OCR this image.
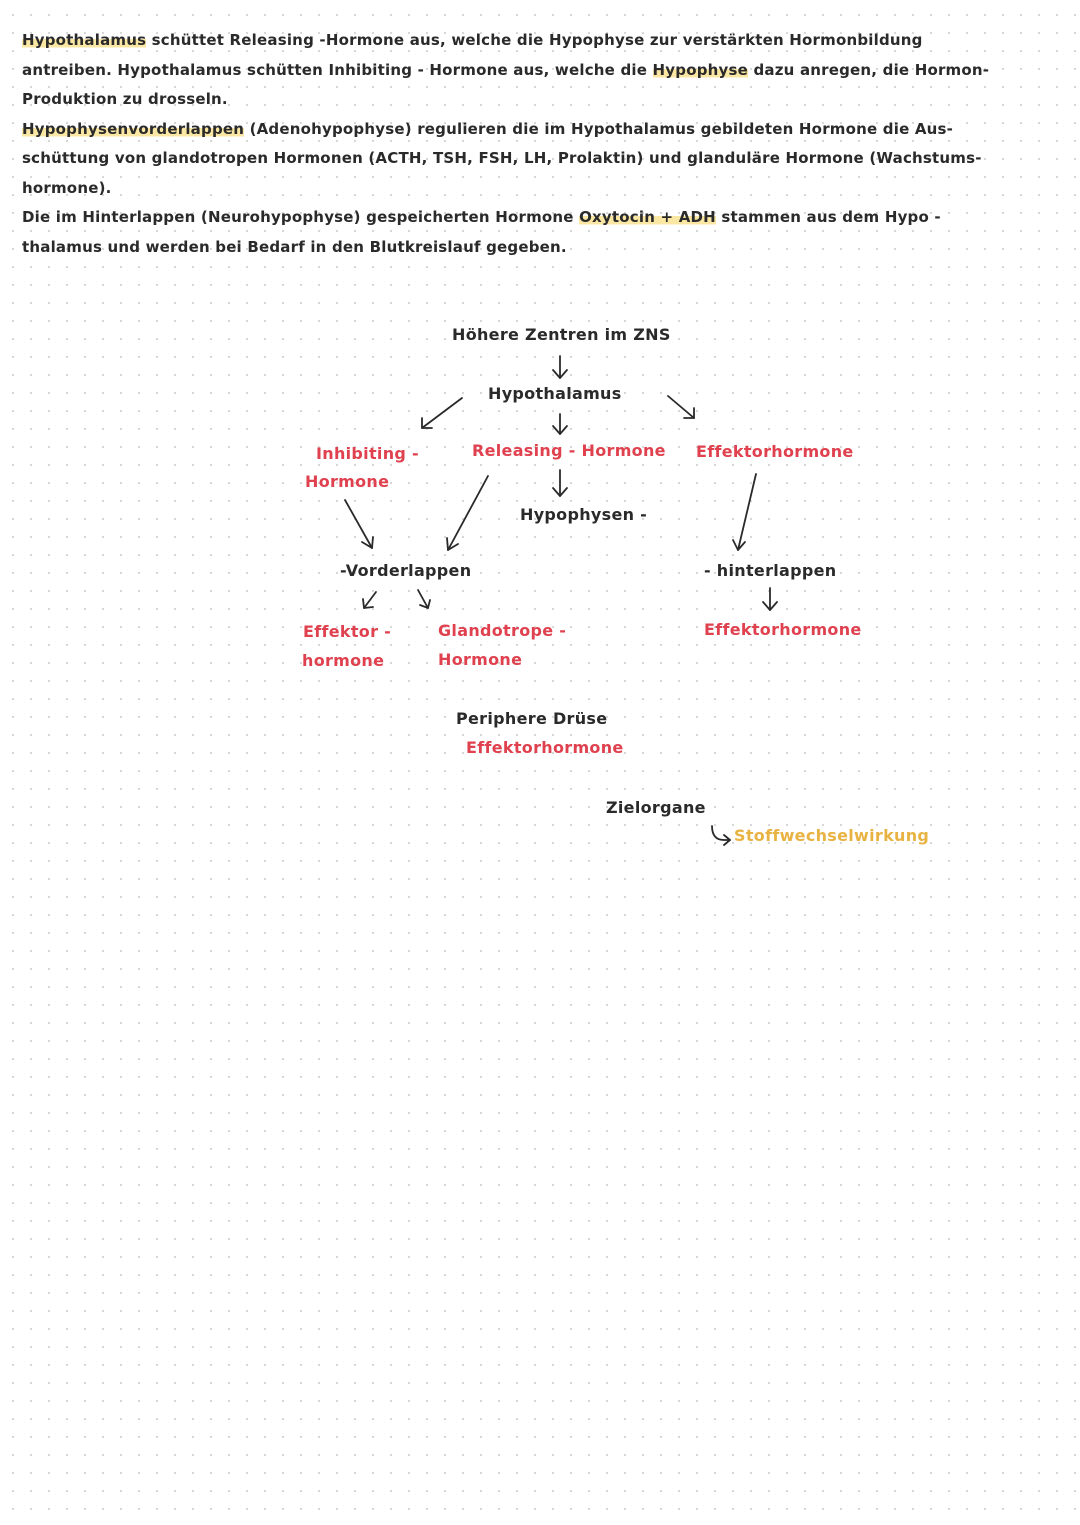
Hypothalamus schüttet Releasing -Hormone aus, welche die Hypophyse zur verstärkten Hormonbildung
antreiben. Hypothalamus schütten Inhibiting - Hormone aus, welche die Hypophyse dazu anregen, die Hormon-
Produktion zu drosseln.
Hypophysenvorderlappen (Adenohypophyse) regulieren die im Hypothalamus gebildeten Hormone die Aus-
schüttung von glandotropen Hormonen (ACTH, TSH, FSH, LH, Prolaktin) und glanduläre Hormone (Wachstums-
hormone).
Die im Hinterlappen (Neurohypophyse) gespeicherten Hormone Oxytocin + ADH stammen aus dem Hypo -
thalamus und werden bei Bedarf in den Blutkreislauf gegeben.
Höhere Zentren im ZNS
Hypothalamus
Inhibiting -
Hormone
Releasing - Hormone Effektorhormone
Hypophysen -
-Vorderlappen	- hinterlappen
Effektor -
hormone
Glandotrope -
Hormone
Effektorhormone
Periphere Drüse
Effektorhormone
Zielorgane
Stoffwechselwirkung
